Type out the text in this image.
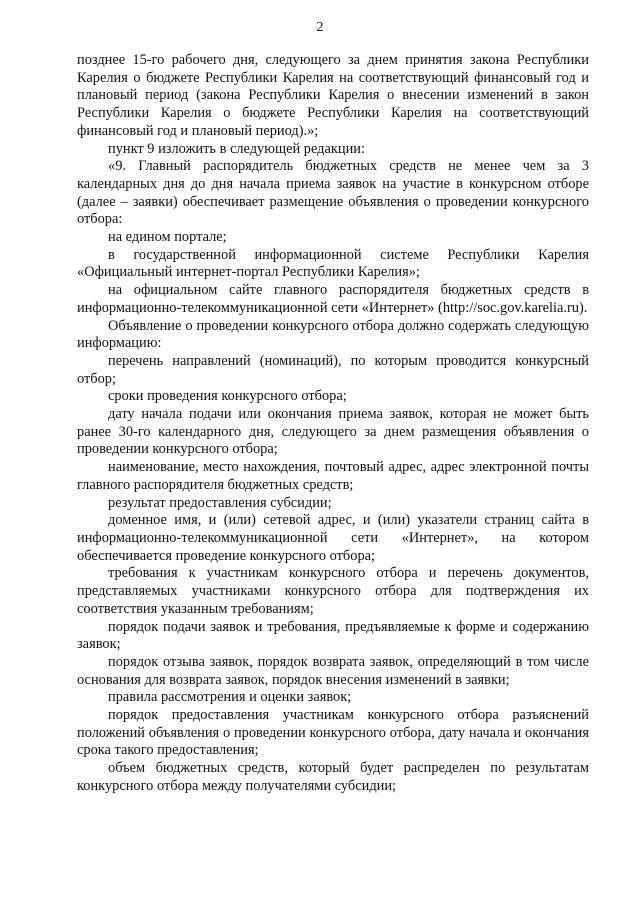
2

позднее 15-го рабочего дня, следующего за днем принятия закона Республики Карелия о бюджете Республики Карелия на соответствующий финансовый год и плановый период (закона Республики Карелия о внесении изменений в закон Республики Карелия о бюджете Республики Карелия на соответствующий финансовый год и плановый период).»;

пункт 9 изложить в следующей редакции:

«9. Главный распорядитель бюджетных средств не менее чем за 3 календарных дня до дня начала приема заявок на участие в конкурсном отборе (далее – заявки) обеспечивает размещение объявления о проведении конкурсного отбора:

на едином портале;

в государственной информационной системе Республики Карелия «Официальный интернет-портал Республики Карелия»;

на официальном сайте главного распорядителя бюджетных средств в информационно-телекоммуникационной сети «Интернет» (http://soc.gov.karelia.ru).

Объявление о проведении конкурсного отбора должно содержать следующую информацию:

перечень направлений (номинаций), по которым проводится конкурсный отбор;

сроки проведения конкурсного отбора;

дату начала подачи или окончания приема заявок, которая не может быть ранее 30-го календарного дня, следующего за днем размещения объявления о проведении конкурсного отбора;

наименование, место нахождения, почтовый адрес, адрес электронной почты главного распорядителя бюджетных средств;

результат предоставления субсидии;

доменное имя, и (или) сетевой адрес, и (или) указатели страниц сайта в информационно-телекоммуникационной сети «Интернет», на котором обеспечивается проведение конкурсного отбора;

требования к участникам конкурсного отбора и перечень документов, представляемых участниками конкурсного отбора для подтверждения их соответствия указанным требованиям;

порядок подачи заявок и требования, предъявляемые к форме и содержанию заявок;

порядок отзыва заявок, порядок возврата заявок, определяющий в том числе основания для возврата заявок, порядок внесения изменений в заявки;

правила рассмотрения и оценки заявок;

порядок предоставления участникам конкурсного отбора разъяснений положений объявления о проведении конкурсного отбора, дату начала и окончания срока такого предоставления;

объем бюджетных средств, который будет распределен по результатам конкурсного отбора между получателями субсидии;
